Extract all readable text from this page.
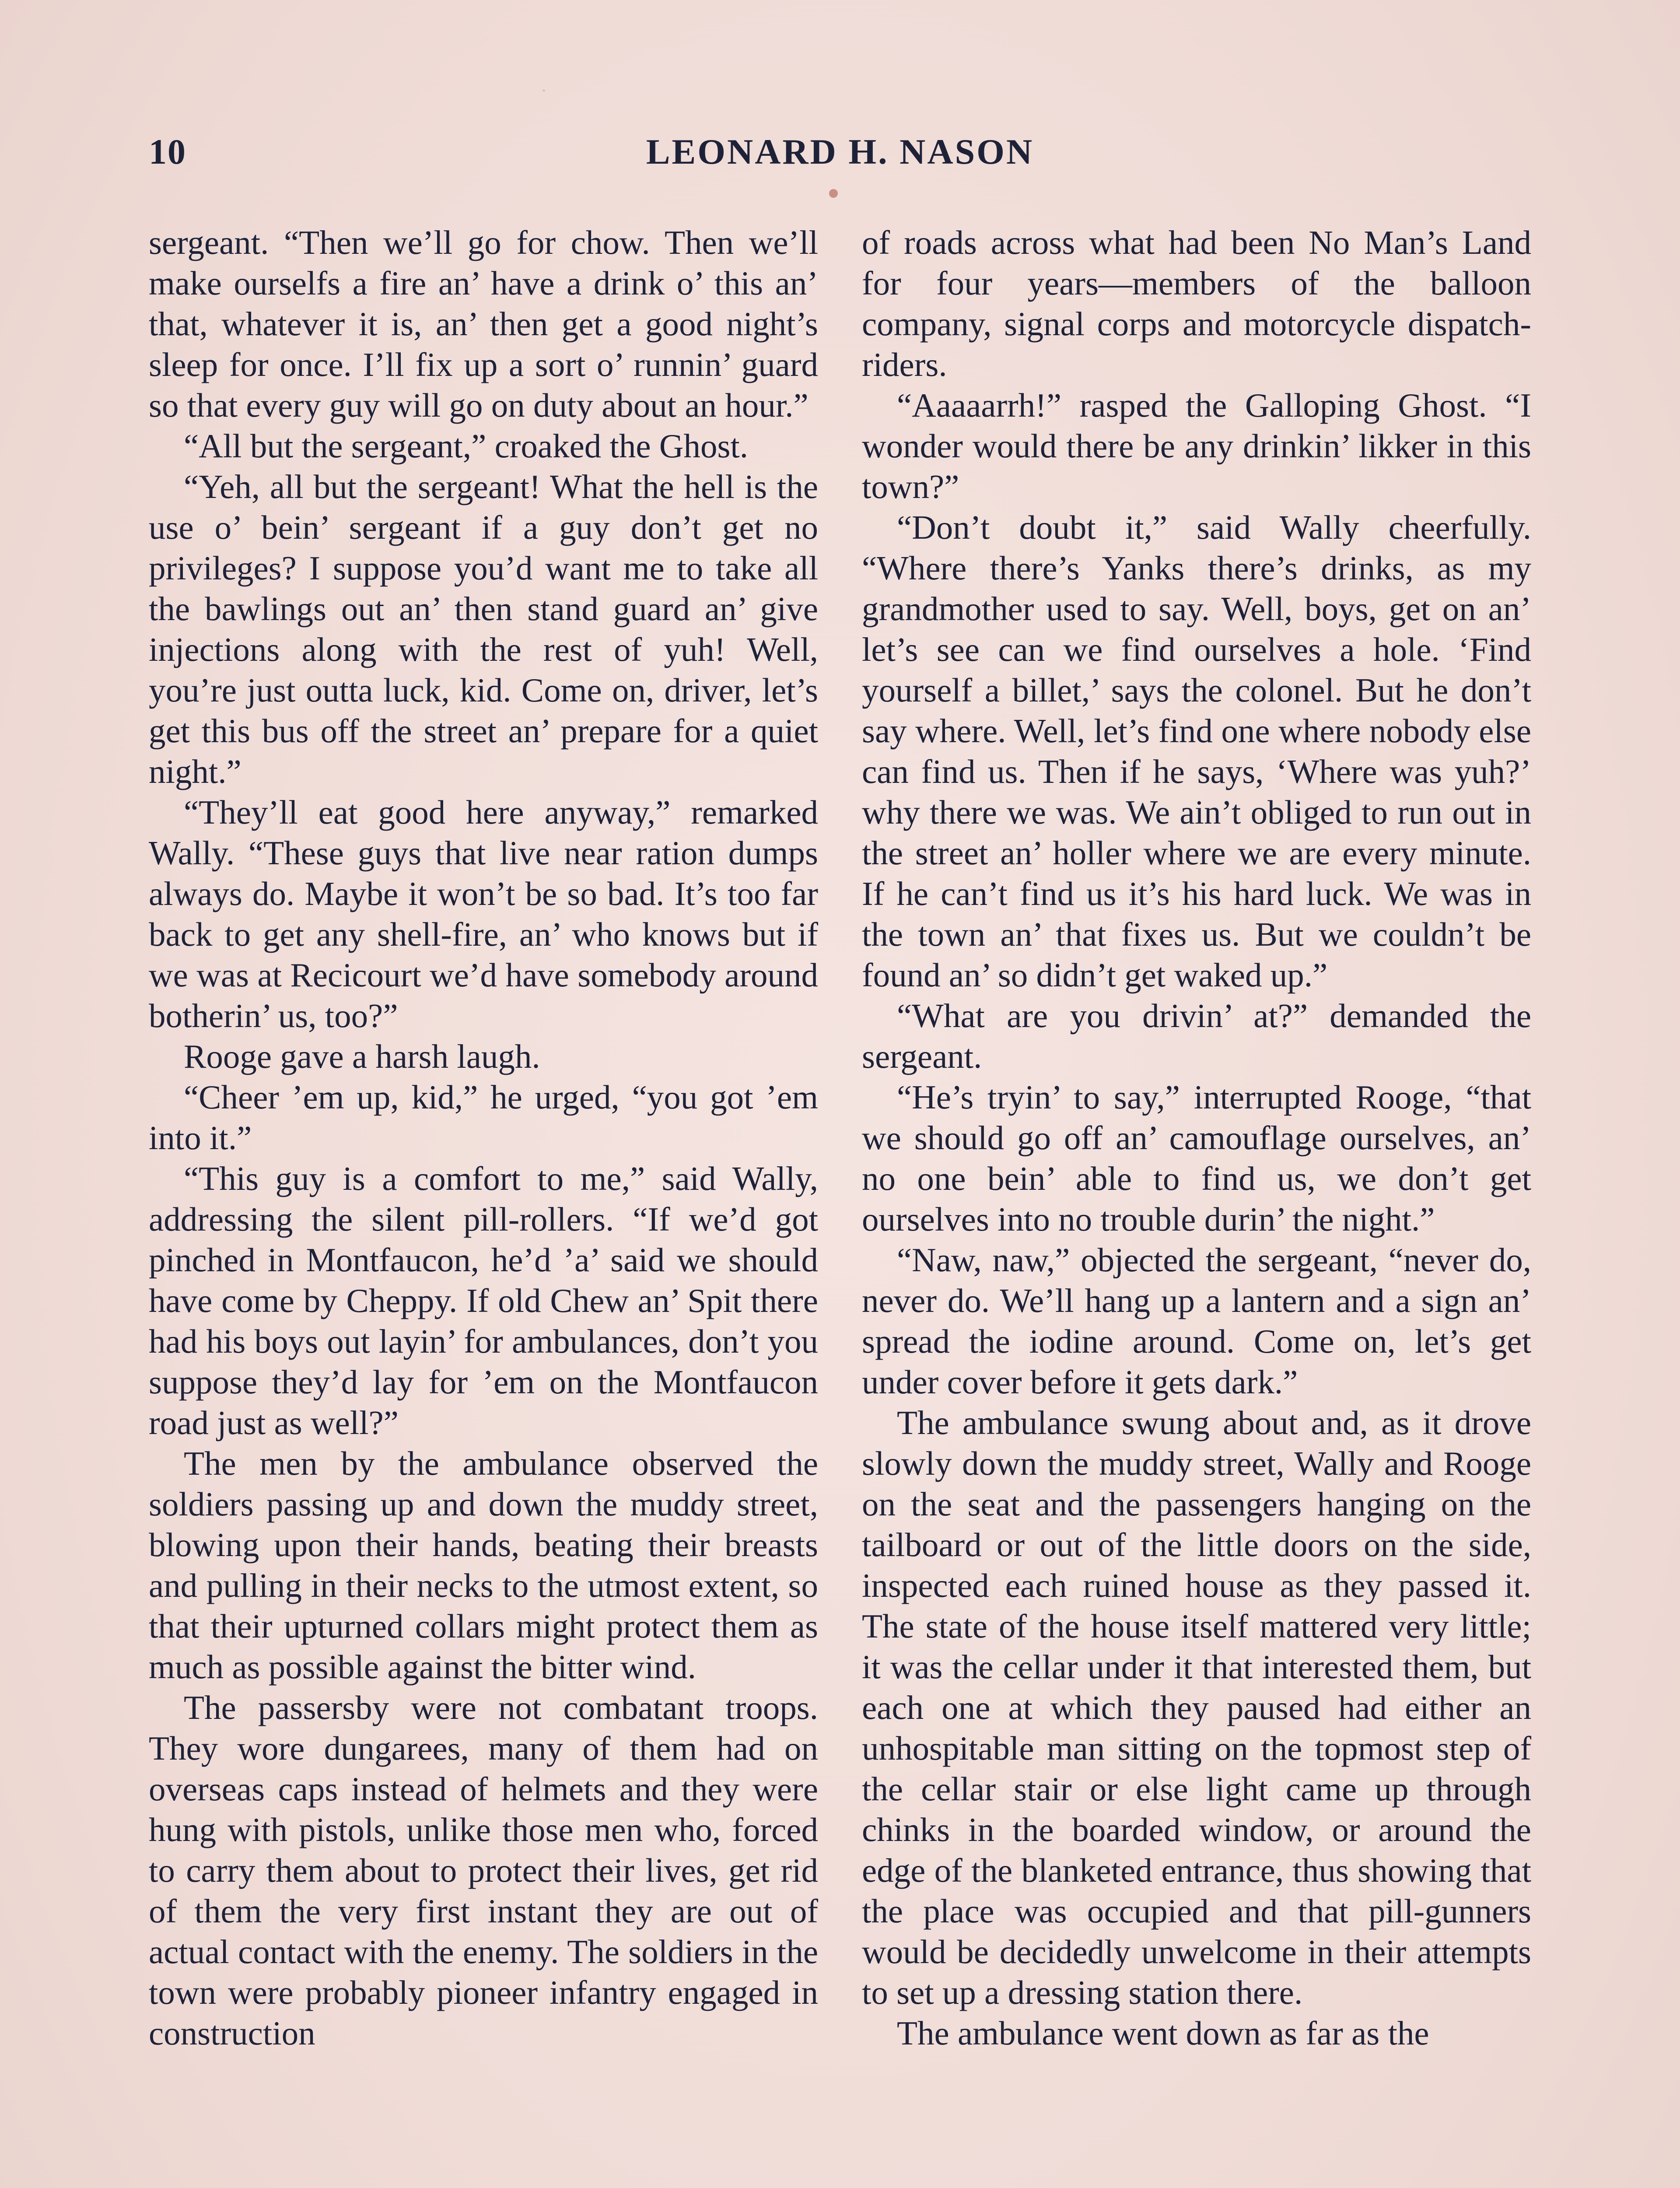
10	LEONARD H. NASON

sergeant. “Then we’ll go for chow. Then we’ll make ourselfs a fire an’ have a drink o’ this an’ that, whatever it is, an’ then get a good night’s sleep for once. I’ll fix up a sort o’ runnin’ guard so that every guy will go on duty about an hour.”

“All but the sergeant,” croaked the Ghost.

“Yeh, all but the sergeant! What the hell is the use o’ bein’ sergeant if a guy don’t get no privileges? I suppose you’d want me to take all the bawlings out an’ then stand guard an’ give injections along with the rest of yuh! Well, you’re just outta luck, kid. Come on, driver, let’s get this bus off the street an’ prepare for a quiet night.”

“They’ll eat good here anyway,” remarked Wally. “These guys that live near ration dumps always do. Maybe it won’t be so bad. It’s too far back to get any shell-fire, an’ who knows but if we was at Recicourt we’d have somebody around botherin’ us, too?”

Rooge gave a harsh laugh.

“Cheer ’em up, kid,” he urged, “you got ’em into it.”

“This guy is a comfort to me,” said Wally, addressing the silent pill-rollers. “If we’d got pinched in Montfaucon, he’d ’a’ said we should have come by Cheppy. If old Chew an’ Spit there had his boys out layin’ for ambulances, don’t you suppose they’d lay for ’em on the Montfaucon road just as well?”

The men by the ambulance observed the soldiers passing up and down the muddy street, blowing upon their hands, beating their breasts and pulling in their necks to the utmost extent, so that their upturned collars might protect them as much as possible against the bitter wind.

The passersby were not combatant troops. They wore dungarees, many of them had on overseas caps instead of helmets and they were hung with pistols, unlike those men who, forced to carry them about to protect their lives, get rid of them the very first instant they are out of actual contact with the enemy. The soldiers in the town were probably pioneer infantry engaged in construction

of roads across what had been No Man’s Land for four years—members of the balloon company, signal corps and motorcycle dispatch-riders.

“Aaaaarrh!” rasped the Galloping Ghost. “I wonder would there be any drinkin’ likker in this town?”

“Don’t doubt it,” said Wally cheerfully. “Where there’s Yanks there’s drinks, as my grandmother used to say. Well, boys, get on an’ let’s see can we find ourselves a hole. ‘Find yourself a billet,’ says the colonel. But he don’t say where. Well, let’s find one where nobody else can find us. Then if he says, ‘Where was yuh?’ why there we was. We ain’t obliged to run out in the street an’ holler where we are every minute. If he can’t find us it’s his hard luck. We was in the town an’ that fixes us. But we couldn’t be found an’ so didn’t get waked up.”

“What are you drivin’ at?” demanded the sergeant.

“He’s tryin’ to say,” interrupted Rooge, “that we should go off an’ camouflage ourselves, an’ no one bein’ able to find us, we don’t get ourselves into no trouble durin’ the night.”

“Naw, naw,” objected the sergeant, “never do, never do. We’ll hang up a lantern and a sign an’ spread the iodine around. Come on, let’s get under cover before it gets dark.”

The ambulance swung about and, as it drove slowly down the muddy street, Wally and Rooge on the seat and the passengers hanging on the tailboard or out of the little doors on the side, inspected each ruined house as they passed it. The state of the house itself mattered very little; it was the cellar under it that interested them, but each one at which they paused had either an unhospitable man sitting on the topmost step of the cellar stair or else light came up through chinks in the boarded window, or around the edge of the blanketed entrance, thus showing that the place was occupied and that pill-gunners would be decidedly unwelcome in their attempts to set up a dressing station there.

The ambulance went down as far as the
